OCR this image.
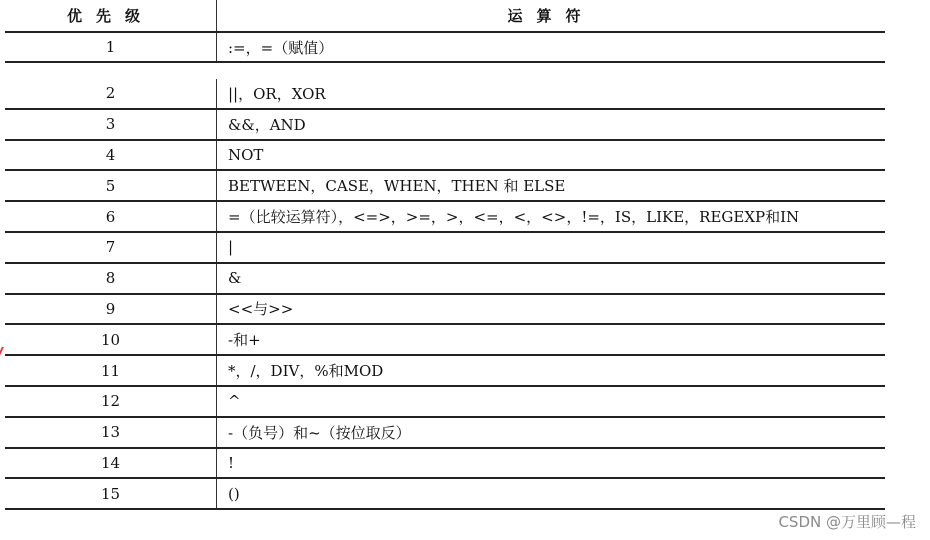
优先级	运算符
1	:=，=（赋值）
2	||，OR，XOR
3	&&，AND
4	NOT
5	BETWEEN，CASE，WHEN，THEN 和 ELSE
6	=（比较运算符），<=>，>=，>，<=，<，<>，!=，IS，LIKE，REGEXP和IN
7	|
8	&
9	<<与>>
10	-和+
11	*，/，DIV，%和MOD
12	^
13	-（负号）和~（按位取反）
14	!
15	()
CSDN @万里顾—程
